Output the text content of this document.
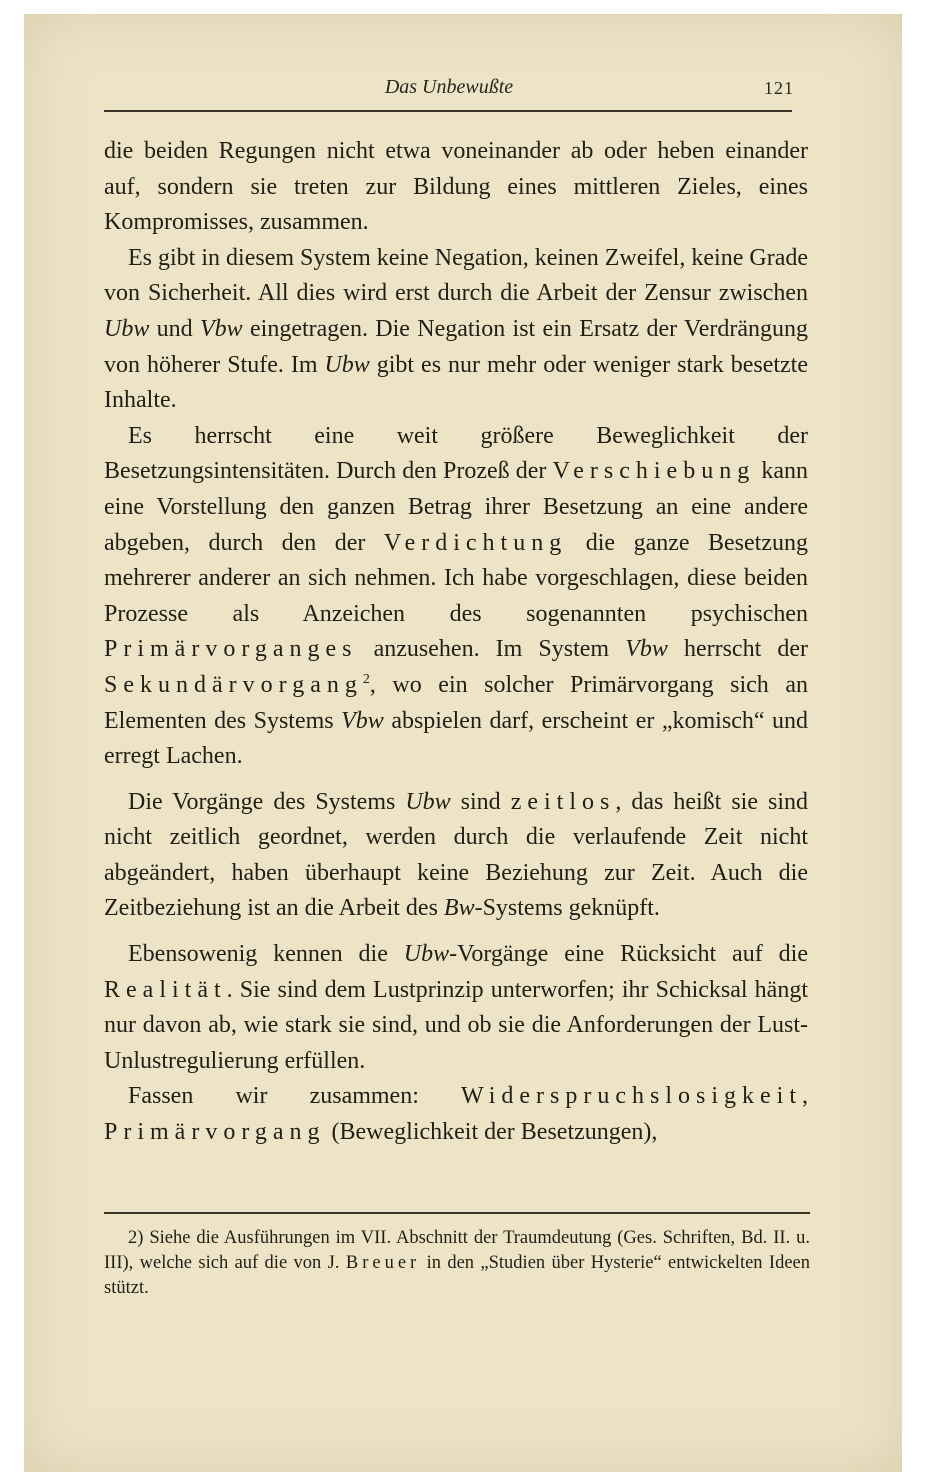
Das Unbewußte	121

die beiden Regungen nicht etwa voneinander ab oder heben einander auf, sondern sie treten zur Bildung eines mittleren Zieles, eines Kompromisses, zusammen.

Es gibt in diesem System keine Negation, keinen Zweifel, keine Grade von Sicherheit. All dies wird erst durch die Arbeit der Zensur zwischen Ubw und Vbw eingetragen. Die Negation ist ein Ersatz der Verdrängung von höherer Stufe. Im Ubw gibt es nur mehr oder weniger stark besetzte Inhalte.

Es herrscht eine weit größere Beweglichkeit der Besetzungsintensitäten. Durch den Prozeß der Verschiebung kann eine Vorstellung den ganzen Betrag ihrer Besetzung an eine andere abgeben, durch den der Verdichtung die ganze Besetzung mehrerer anderer an sich nehmen. Ich habe vorgeschlagen, diese beiden Prozesse als Anzeichen des sogenannten psychischen Primärvorganges anzusehen. Im System Vbw herrscht der Sekundärvorgang$^2$, wo ein solcher Primärvorgang sich an Elementen des Systems Vbw abspielen darf, erscheint er „komisch“ und erregt Lachen.

Die Vorgänge des Systems Ubw sind zeitlos, das heißt sie sind nicht zeitlich geordnet, werden durch die verlaufende Zeit nicht abgeändert, haben überhaupt keine Beziehung zur Zeit. Auch die Zeitbeziehung ist an die Arbeit des Bw-Systems geknüpft.

Ebensowenig kennen die Ubw-Vorgänge eine Rücksicht auf die Realität. Sie sind dem Lustprinzip unterworfen; ihr Schicksal hängt nur davon ab, wie stark sie sind, und ob sie die Anforderungen der Lust-Unlustregulierung erfüllen.

Fassen wir zusammen: Widerspruchslosigkeit, Primärvorgang (Beweglichkeit der Besetzungen),

2) Siehe die Ausführungen im VII. Abschnitt der Traumdeutung (Ges. Schriften, Bd. II. u. III), welche sich auf die von J. Breuer in den „Studien über Hysterie“ entwickelten Ideen stützt.
